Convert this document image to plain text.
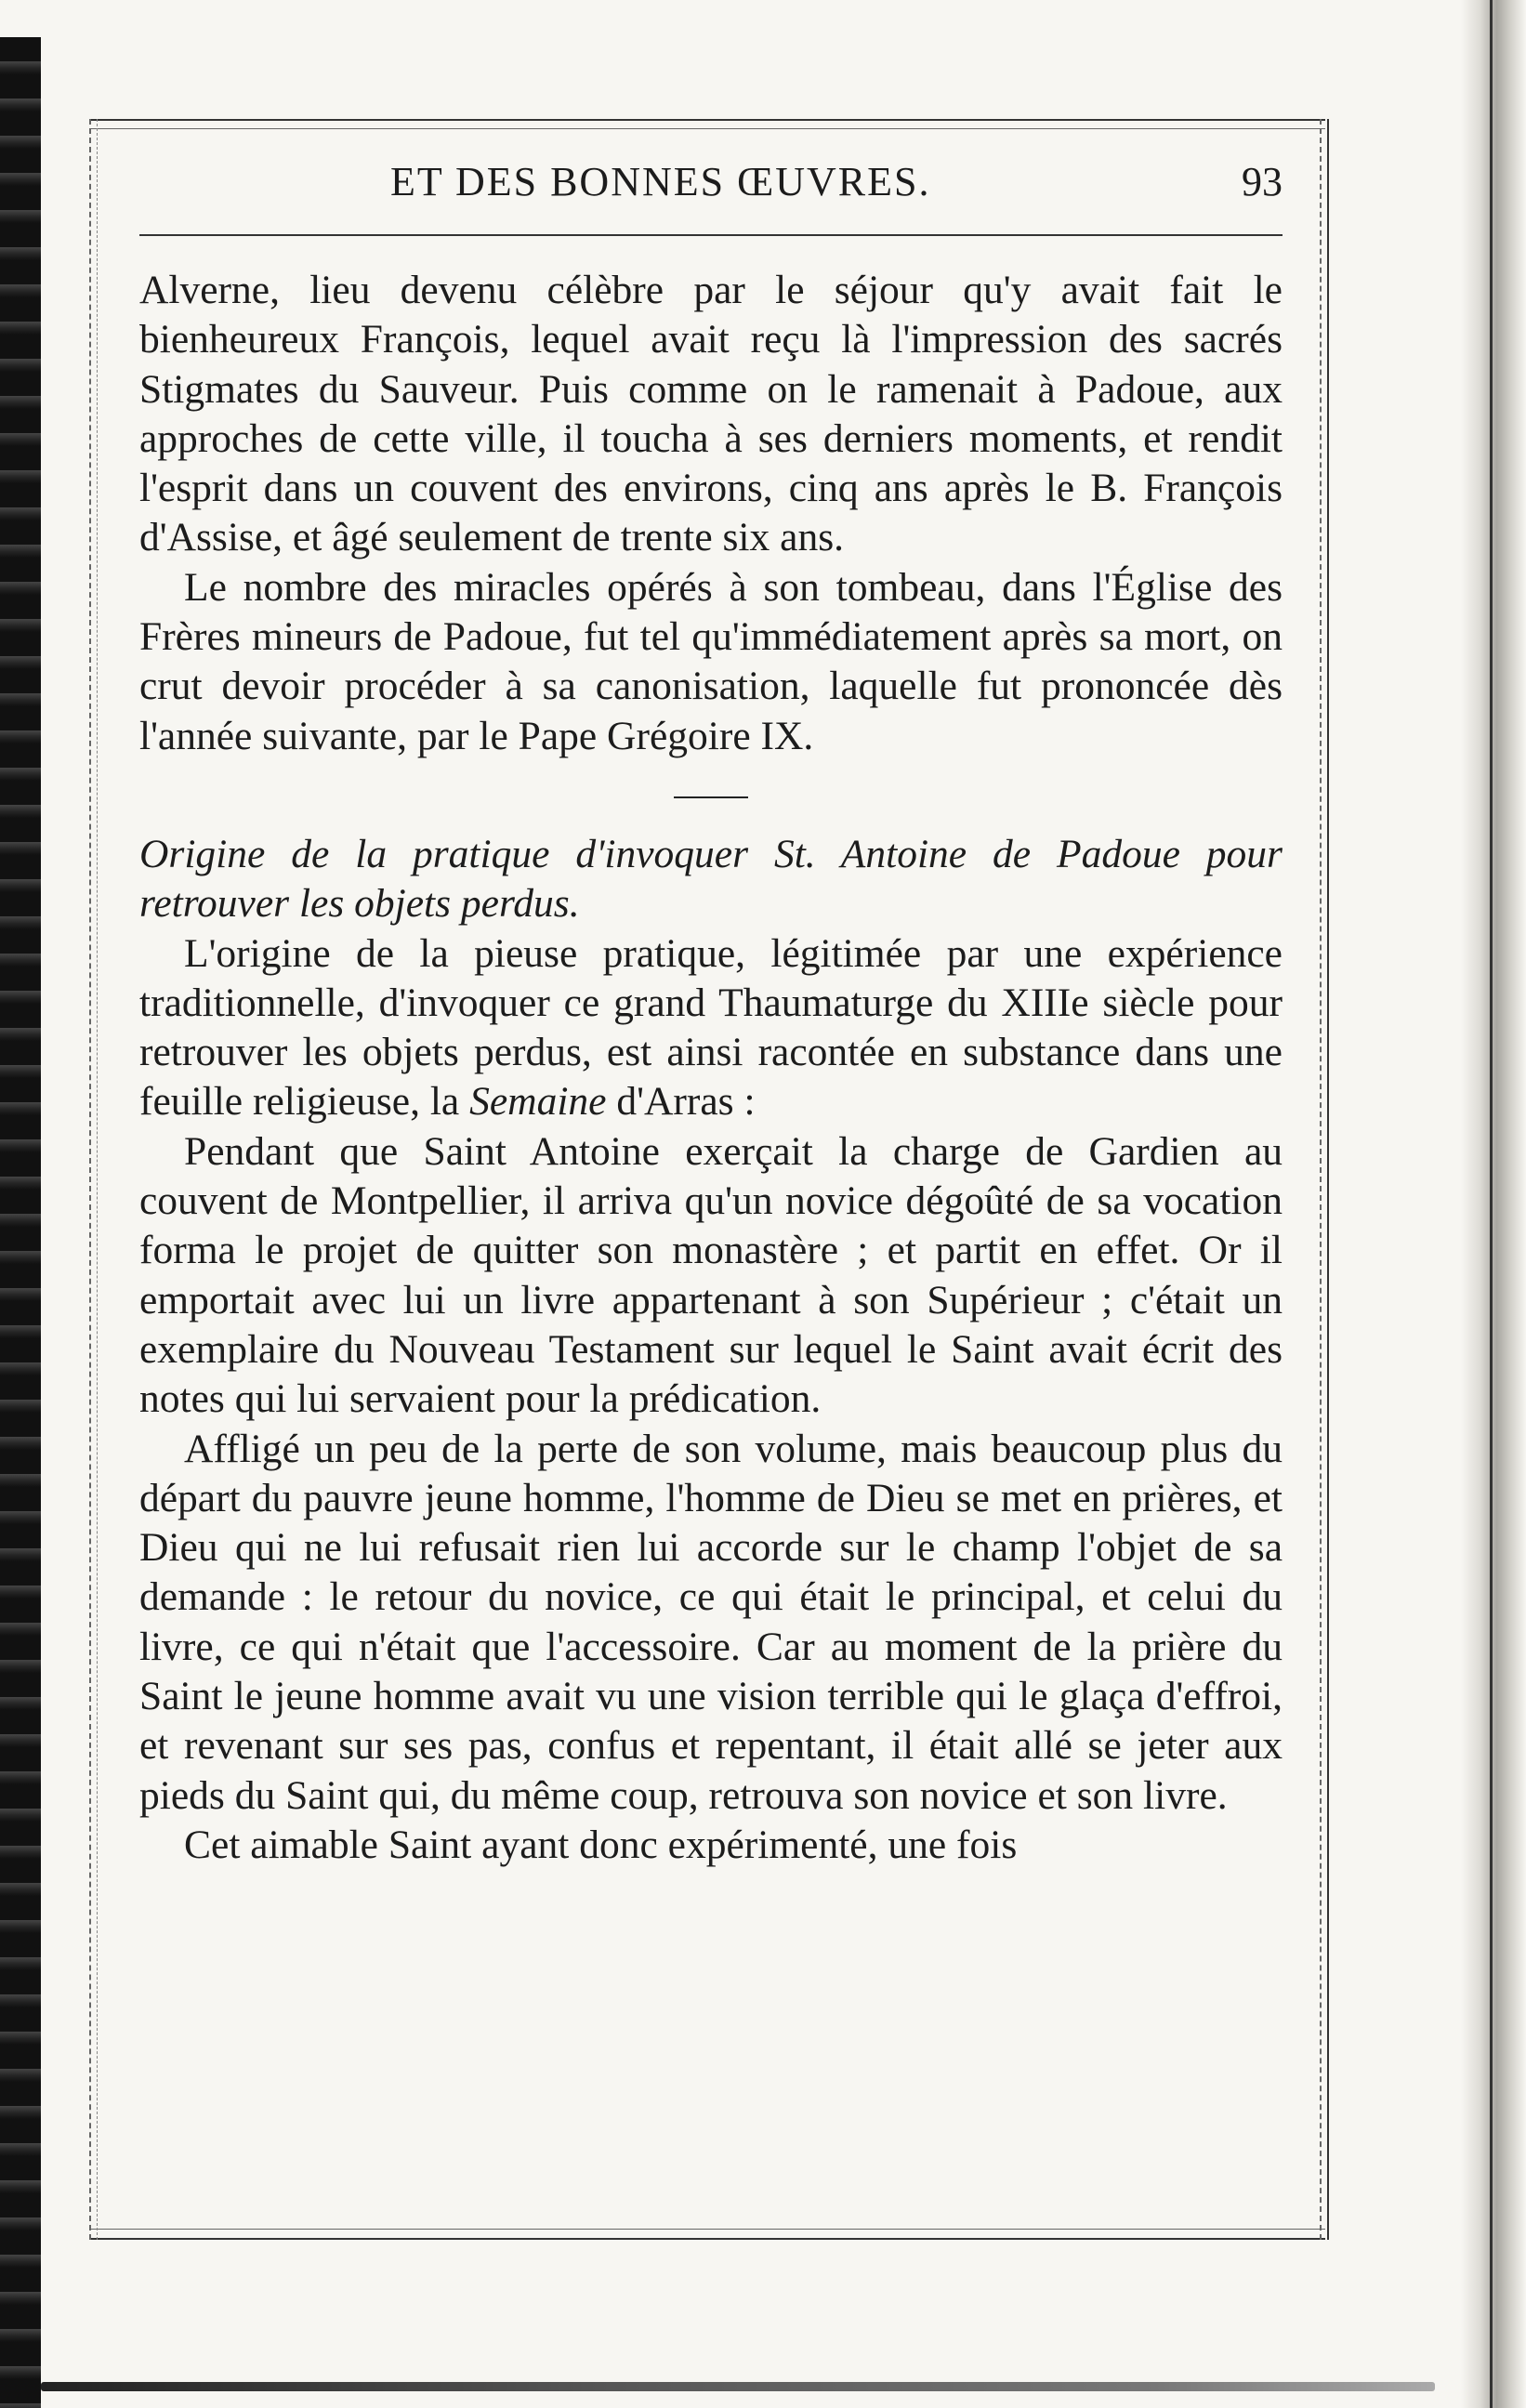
ET DES BONNES ŒUVRES.	93

Alverne, lieu devenu célèbre par le séjour qu'y avait fait le bienheureux François, lequel avait reçu là l'impression des sacrés Stigmates du Sauveur. Puis comme on le ramenait à Padoue, aux approches de cette ville, il toucha à ses derniers moments, et rendit l'esprit dans un couvent des environs, cinq ans après le B. François d'Assise, et âgé seulement de trente six ans.

Le nombre des miracles opérés à son tombeau, dans l'Église des Frères mineurs de Padoue, fut tel qu'immédiatement après sa mort, on crut devoir procéder à sa canonisation, laquelle fut prononcée dès l'année suivante, par le Pape Grégoire IX.

Origine de la pratique d'invoquer St. Antoine de Padoue pour retrouver les objets perdus.

L'origine de la pieuse pratique, légitimée par une expérience traditionnelle, d'invoquer ce grand Thaumaturge du XIIIe siècle pour retrouver les objets perdus, est ainsi racontée en substance dans une feuille religieuse, la Semaine d'Arras :

Pendant que Saint Antoine exerçait la charge de Gardien au couvent de Montpellier, il arriva qu'un novice dégoûté de sa vocation forma le projet de quitter son monastère ; et partit en effet. Or il emportait avec lui un livre appartenant à son Supérieur ; c'était un exemplaire du Nouveau Testament sur lequel le Saint avait écrit des notes qui lui servaient pour la prédication.

Affligé un peu de la perte de son volume, mais beaucoup plus du départ du pauvre jeune homme, l'homme de Dieu se met en prières, et Dieu qui ne lui refusait rien lui accorde sur le champ l'objet de sa demande : le retour du novice, ce qui était le principal, et celui du livre, ce qui n'était que l'accessoire. Car au moment de la prière du Saint le jeune homme avait vu une vision terrible qui le glaça d'effroi, et revenant sur ses pas, confus et repentant, il était allé se jeter aux pieds du Saint qui, du même coup, retrouva son novice et son livre.

Cet aimable Saint ayant donc expérimenté, une fois
